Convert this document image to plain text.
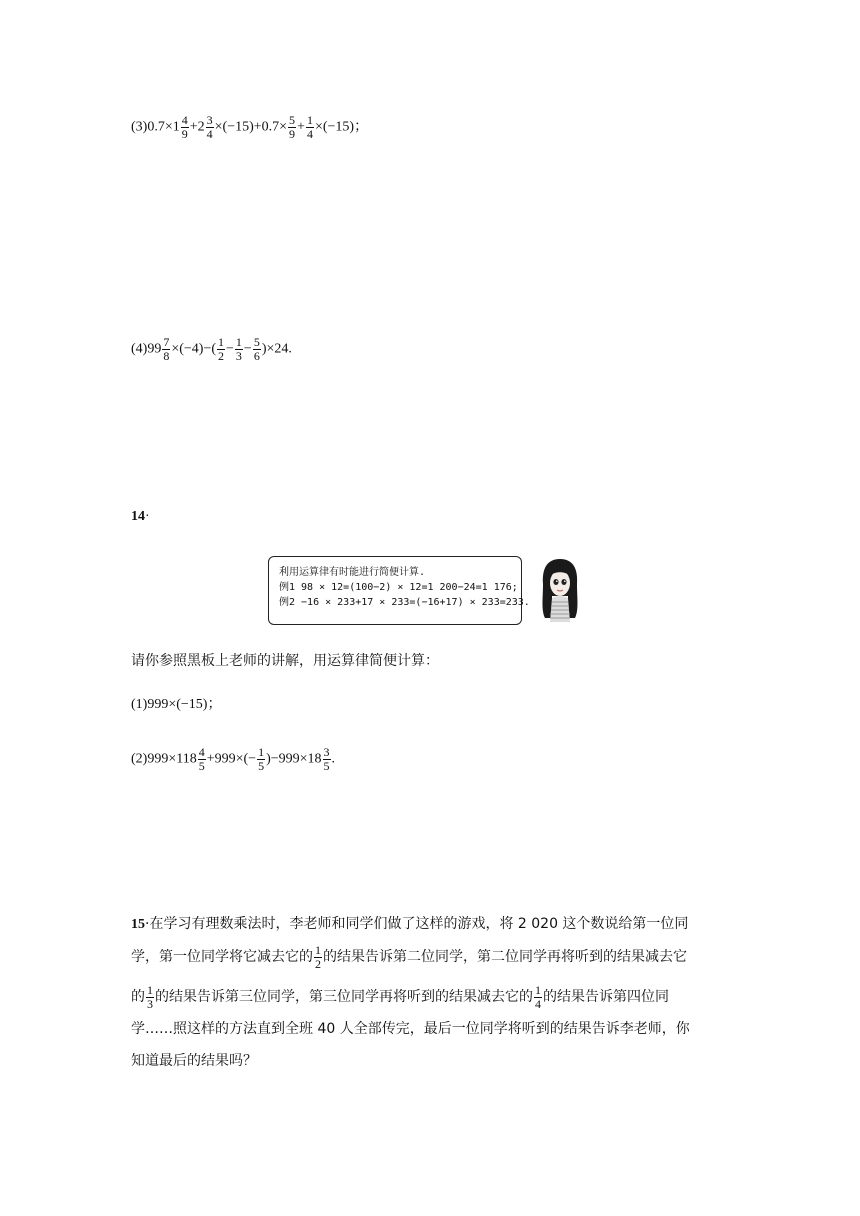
$(3)0.7\times 1 \frac{4}{9} +2 \frac{3}{4} \times(-15)+0.7\times \frac{5}{9} + \frac{1}{4} \times(-15)$；
$(4)99 \frac{7}{8} \times(-4)-( \frac{1}{2} - \frac{1}{3} - \frac{5}{6} )\times 24$.
14·
利用运算律有时能进行简便计算.
例1 98 × 12=(100−2) × 12=1 200−24=1 176;
例2 −16 × 233+17 × 233=(−16+17) × 233=233.
请你参照黑板上老师的讲解，用运算律简便计算：
(1)999×(−15)；
$(2)999\times 118 \frac{4}{5} +999\times(- \frac{1}{5} )-999\times 18 \frac{3}{5}$ .
15·在学习有理数乘法时，李老师和同学们做了这样的游戏，将 2 020 这个数说给第一位同
学，第一位同学将它减去它的 $\frac{1}{2}$ 的结果告诉第二位同学，第二位同学再将听到的结果减去它
的 $\frac{1}{3}$ 的结果告诉第三位同学，第三位同学再将听到的结果减去它的 $\frac{1}{4}$ 的结果告诉第四位同
学……照这样的方法直到全班 40 人全部传完，最后一位同学将听到的结果告诉李老师，你
知道最后的结果吗？
